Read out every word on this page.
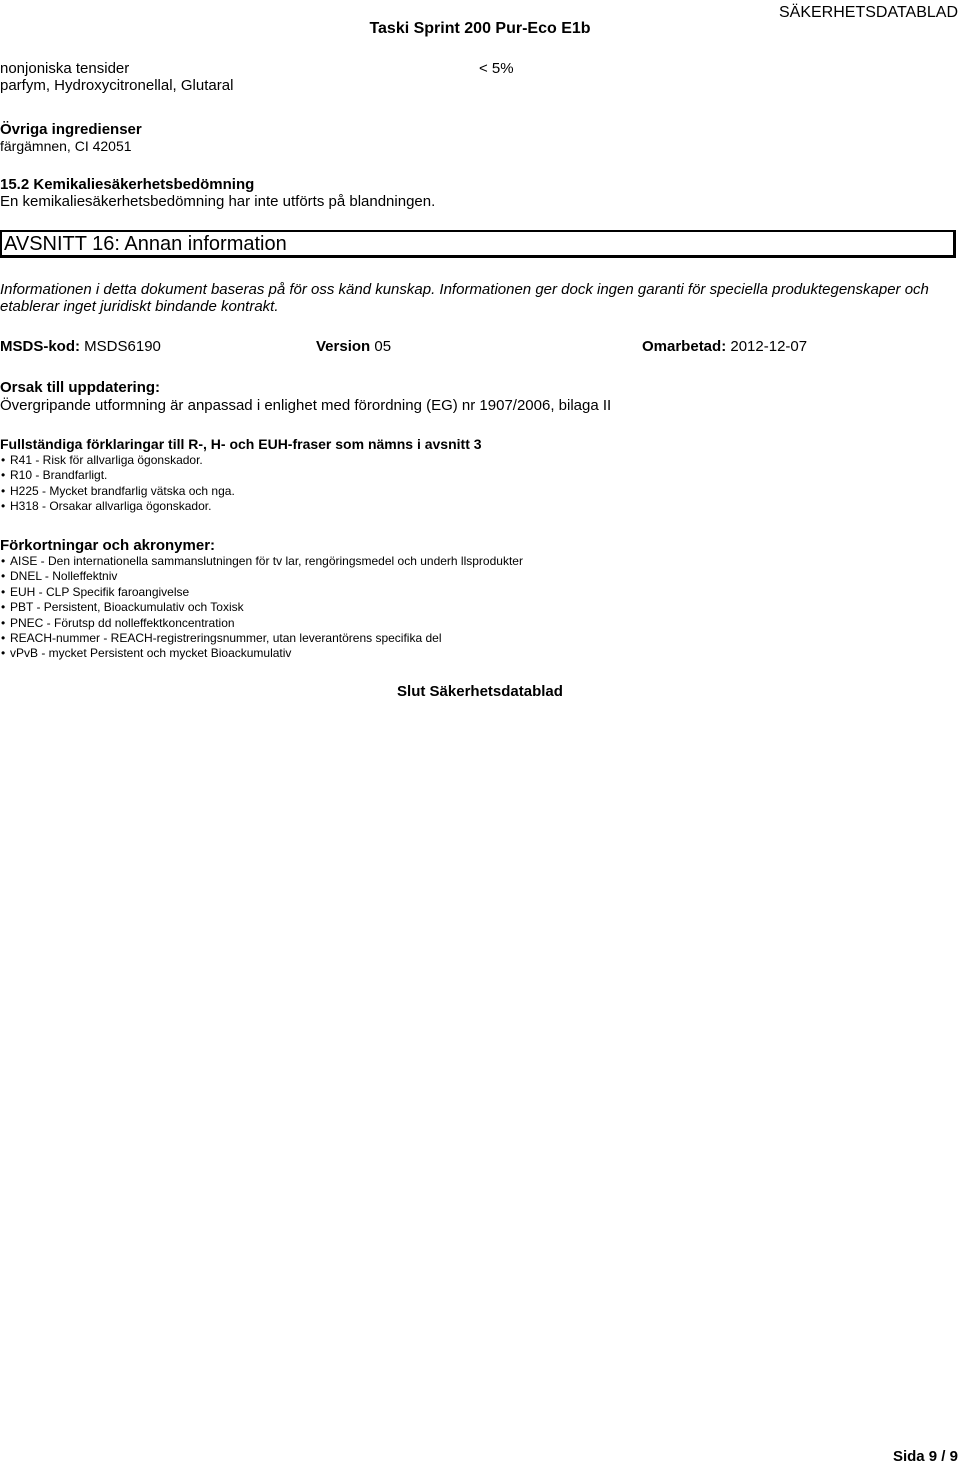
SÄKERHETSDATABLAD
Taski Sprint 200 Pur-Eco E1b
nonjoniska tensider
parfym, Hydroxycitronellal, Glutaral
< 5%
Övriga ingredienser
färgämnen, CI 42051
15.2 Kemikaliesäkerhetsbedömning
En kemikaliesäkerhetsbedömning har inte utförts på blandningen.
AVSNITT 16: Annan information
Informationen i detta dokument baseras på för oss känd kunskap. Informationen ger dock ingen garanti för speciella produktegenskaper och
etablerar inget juridiskt bindande kontrakt.
MSDS-kod: MSDS6190	Version 05	Omarbetad: 2012-12-07
Orsak till uppdatering:
Övergripande utformning är anpassad i enlighet med förordning (EG) nr 1907/2006, bilaga II
Fullständiga förklaringar till R-, H- och EUH-fraser som nämns i avsnitt 3
• R41 - Risk för allvarliga ögonskador.
• R10 - Brandfarligt.
• H225 - Mycket brandfarlig vätska och nga.
• H318 - Orsakar allvarliga ögonskador.
Förkortningar och akronymer:
• AISE - Den internationella sammanslutningen för tv lar, rengöringsmedel och underh llsprodukter
• DNEL - Nolleffektniv
• EUH - CLP Specifik faroangivelse
• PBT - Persistent, Bioackumulativ och Toxisk
• PNEC - Förutsp dd nolleffektkoncentration
• REACH-nummer - REACH-registreringsnummer, utan leverantörens specifika del
• vPvB - mycket Persistent och mycket Bioackumulativ
Slut Säkerhetsdatablad
Sida 9 / 9
